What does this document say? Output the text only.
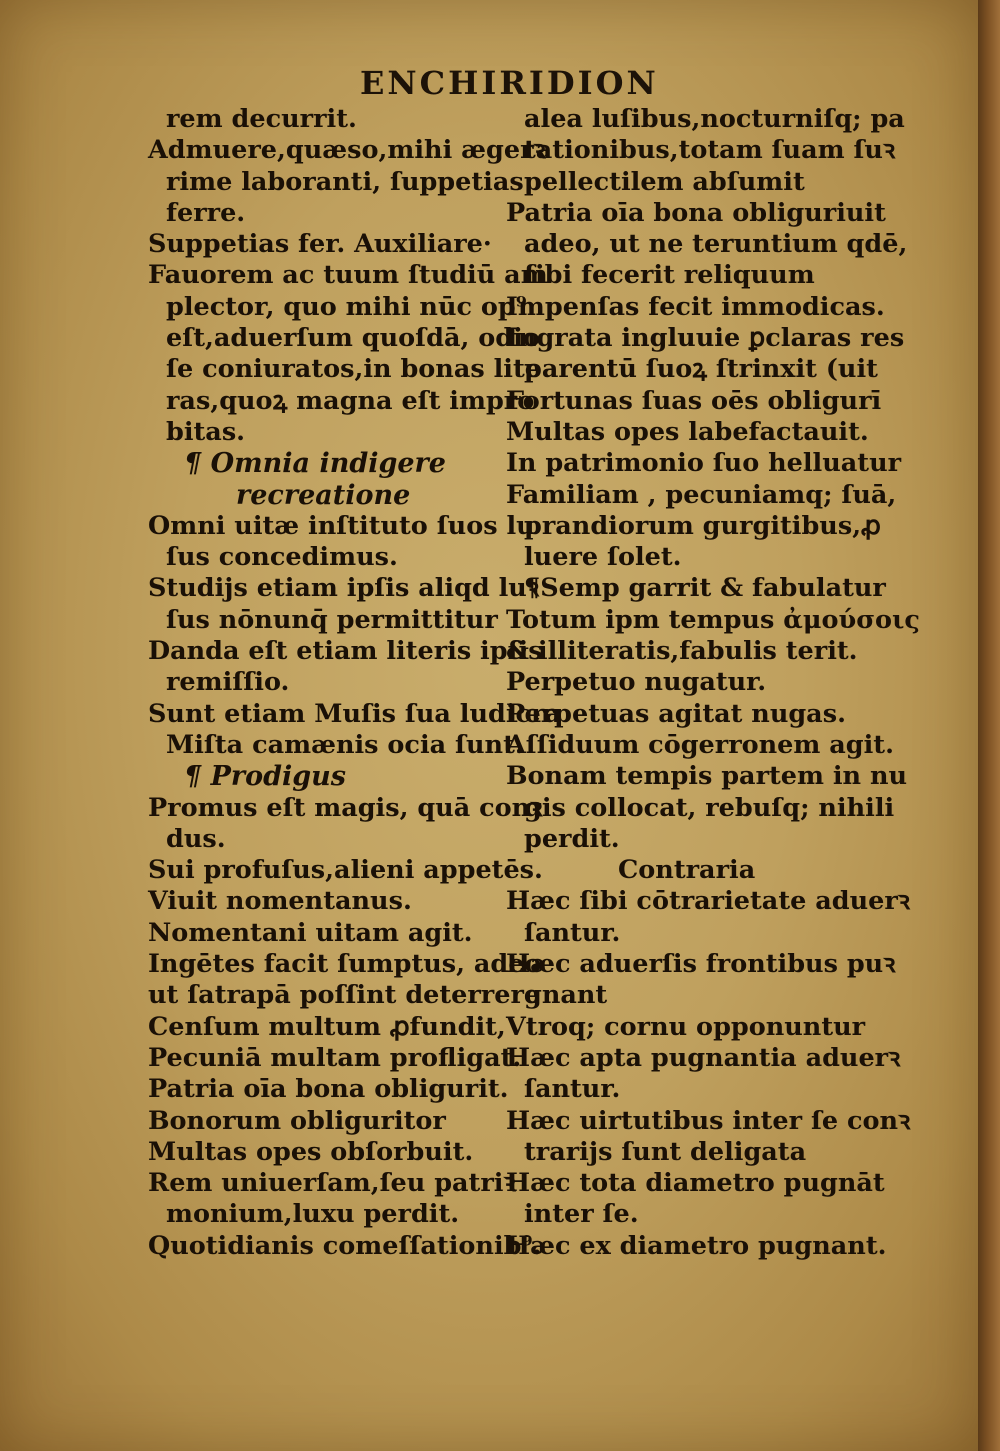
ENCHIRIDION
rem decurrit.
Admuere,quæso,mihi ægerꝛ
rime laboranti, ſuppetias
ferre.
Suppetias fer. Auxiliare·
Fauorem ac tuum ſtudiū am
plector, quo mihi nūc op⁹
eſt,aduerſum quoſdā, odio
ſe coniuratos,in bonas lite
ras,quoꝝ magna eſt impro
bitas.
¶ Omnia indigere
recreatione
Omni uitæ inſtituto ſuos lu
ſus concedimus.
Studijs etiam ipſis aliqd luꝛ
ſus nōnunq̄ permittitur
Danda eſt etiam literis ipſis
remiſſio.
Sunt etiam Muſis ſua ludicra
Miſta camænis ocia ſunt.
¶ Prodigus
Promus eſt magis, quā conꝛ
dus.
Sui profuſus,alieni appetēs.
Viuit nomentanus.
Nomentani uitam agit.
Ingētes facit ſumptus, adeo
ut ſatrapā poſſint deterrere
Cenſum multum ꝓfundit,
Pecuniā multam profligat.
Patria oīa bona obligurit.
Bonorum obliguritor
Multas opes obſorbuit.
Rem uniuerſam,ſeu patriꝛ
monium,luxu perdit.
Quotidianis comeſſationib⁹.
alea luſibus,nocturniſq; pa
tationibus,totam ſuam ſuꝛ
pellectilem abſumit
Patria oīa bona obliguriuit
adeo, ut ne teruntium qdē,
ſibi fecerit reliquum
Impenſas fecit immodicas.
Ingrata ingluuie ꝑclaras res
parentū ſuoꝝ ſtrinxit (uit
Fortunas ſuas oēs obligurī
Multas opes labefactauit.
In patrimonio ſuo helluatur
Familiam , pecuniamq; ſuā,
prandiorum gurgitibus,ꝓ
luere ſolet.
¶Semp garrit & fabulatur
Totum ipm tempus ἀμούσοις
& illiteratis,fabulis terit.
Perpetuo nugatur.
Perpetuas agitat nugas.
Aſſiduum cōgerronem agit.
Bonam tempis partem in nu
gis collocat, rebuſq; nihili
perdit.
Contraria
Hæc ſibi cōtrarietate aduerꝛ
ſantur.
Hæc aduerſis frontibus puꝛ
gnant
Vtroq; cornu opponuntur
Hæc apta pugnantia aduerꝛ
ſantur.
Hæc uirtutibus inter ſe conꝛ
trarijs ſunt deligata
Hæc tota diametro pugnāt
inter ſe.
Hæc ex diametro pugnant.
